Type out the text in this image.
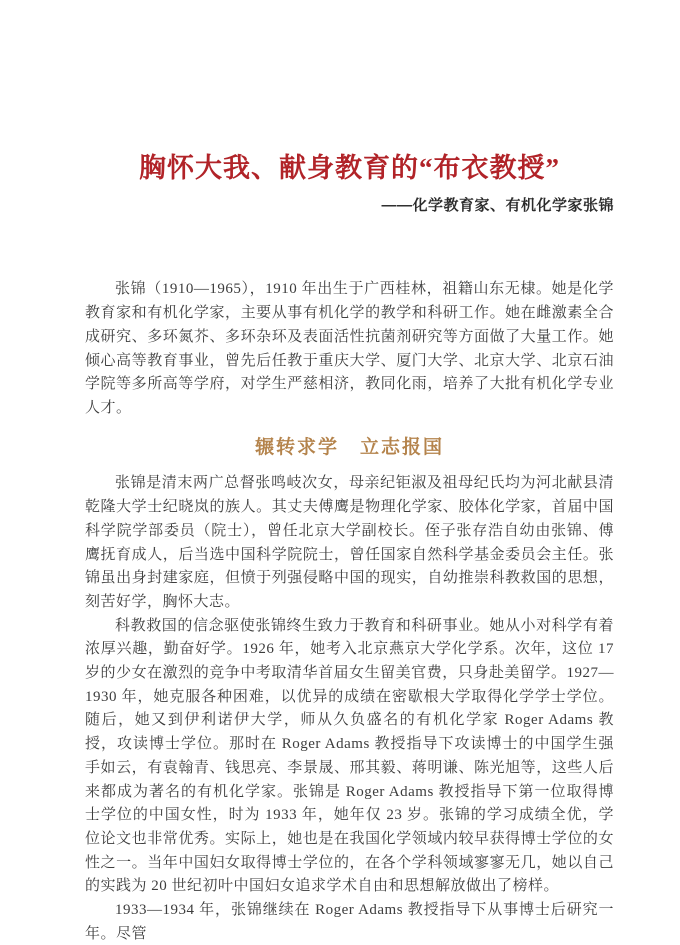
胸怀大我、献身教育的“布衣教授”
——化学教育家、有机化学家张锦

张锦（1910—1965），1910 年出生于广西桂林，祖籍山东无棣。她是化学教育家和有机化学家，主要从事有机化学的教学和科研工作。她在雌激素全合成研究、多环氮芥、多环杂环及表面活性抗菌剂研究等方面做了大量工作。她倾心高等教育事业，曾先后任教于重庆大学、厦门大学、北京大学、北京石油学院等多所高等学府，对学生严慈相济，教同化雨，培养了大批有机化学专业人才。

辗转求学　立志报国

张锦是清末两广总督张鸣岐次女，母亲纪钜淑及祖母纪氏均为河北献县清乾隆大学士纪晓岚的族人。其丈夫傅鹰是物理化学家、胶体化学家，首届中国科学院学部委员（院士），曾任北京大学副校长。侄子张存浩自幼由张锦、傅鹰抚育成人，后当选中国科学院院士，曾任国家自然科学基金委员会主任。张锦虽出身封建家庭，但愤于列强侵略中国的现实，自幼推崇科教救国的思想，刻苦好学，胸怀大志。

科教救国的信念驱使张锦终生致力于教育和科研事业。她从小对科学有着浓厚兴趣，勤奋好学。1926 年，她考入北京燕京大学化学系。次年，这位 17 岁的少女在激烈的竞争中考取清华首届女生留美官费，只身赴美留学。1927—1930 年，她克服各种困难，以优异的成绩在密歇根大学取得化学学士学位。随后，她又到伊利诺伊大学，师从久负盛名的有机化学家 Roger Adams 教授，攻读博士学位。那时在 Roger Adams 教授指导下攻读博士的中国学生强手如云，有袁翰青、钱思亮、李景晟、邢其毅、蒋明谦、陈光旭等，这些人后来都成为著名的有机化学家。张锦是 Roger Adams 教授指导下第一位取得博士学位的中国女性，时为 1933 年，她年仅 23 岁。张锦的学习成绩全优，学位论文也非常优秀。实际上，她也是在我国化学领域内较早获得博士学位的女性之一。当年中国妇女取得博士学位的，在各个学科领域寥寥无几，她以自己的实践为 20 世纪初叶中国妇女追求学术自由和思想解放做出了榜样。

1933—1934 年，张锦继续在 Roger Adams 教授指导下从事博士后研究一年。尽管
